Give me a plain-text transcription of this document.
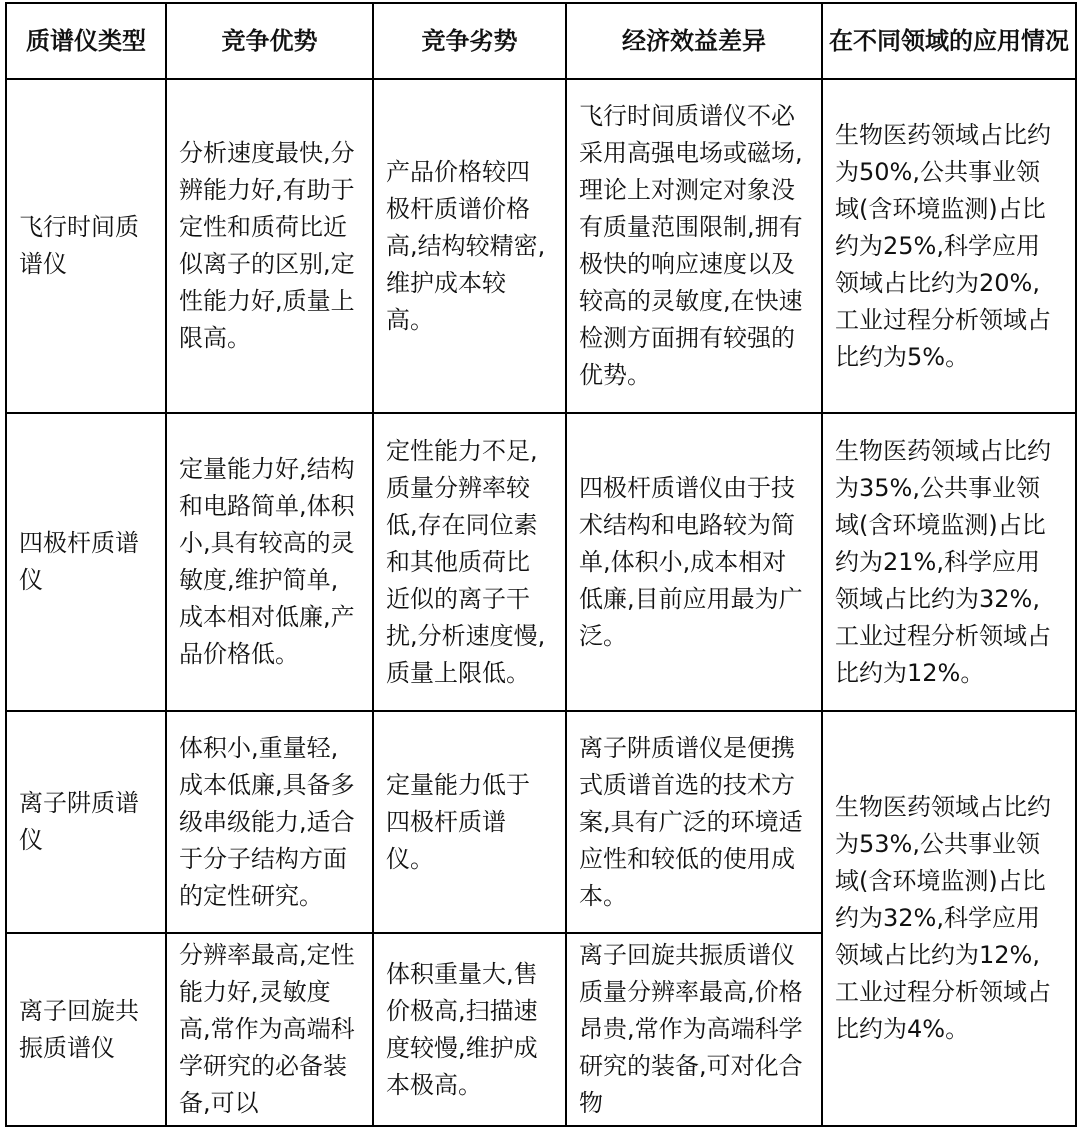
质谱仪类型	竞争优势	竞争劣势	经济效益差异	在不同领域的应用情况
飞行时间质谱仪	分析速度最快,分辨能力好,有助于定性和质荷比近似离子的区别,定性能力好,质量上限高。	产品价格较四极杆质谱价格高,结构较精密,维护成本较高。	飞行时间质谱仪不必采用高强电场或磁场,理论上对测定对象没有质量范围限制,拥有极快的响应速度以及较高的灵敏度,在快速检测方面拥有较强的优势。	生物医药领域占比约为50%,公共事业领域(含环境监测)占比约为25%,科学应用领域占比约为20%,工业过程分析领域占比约为5%。
四极杆质谱仪	定量能力好,结构和电路简单,体积小,具有较高的灵敏度,维护简单,成本相对低廉,产品价格低。	定性能力不足,质量分辨率较低,存在同位素和其他质荷比近似的离子干扰,分析速度慢,质量上限低。	四极杆质谱仪由于技术结构和电路较为简单,体积小,成本相对低廉,目前应用最为广泛。	生物医药领域占比约为35%,公共事业领域(含环境监测)占比约为21%,科学应用领域占比约为32%,工业过程分析领域占比约为12%。
离子阱质谱仪	体积小,重量轻,成本低廉,具备多级串级能力,适合于分子结构方面的定性研究。	定量能力低于四极杆质谱仪。	离子阱质谱仪是便携式质谱首选的技术方案,具有广泛的环境适应性和较低的使用成本。	生物医药领域占比约为53%,公共事业领域(含环境监测)占比约为32%,科学应用领域占比约为12%,工业过程分析领域占比约为4%。
离子回旋共振质谱仪	分辨率最高,定性能力好,灵敏度高,常作为高端科学研究的必备装备,可以	体积重量大,售价极高,扫描速度较慢,维护成本极高。	离子回旋共振质谱仪质量分辨率最高,价格昂贵,常作为高端科学研究的装备,可对化合物	
